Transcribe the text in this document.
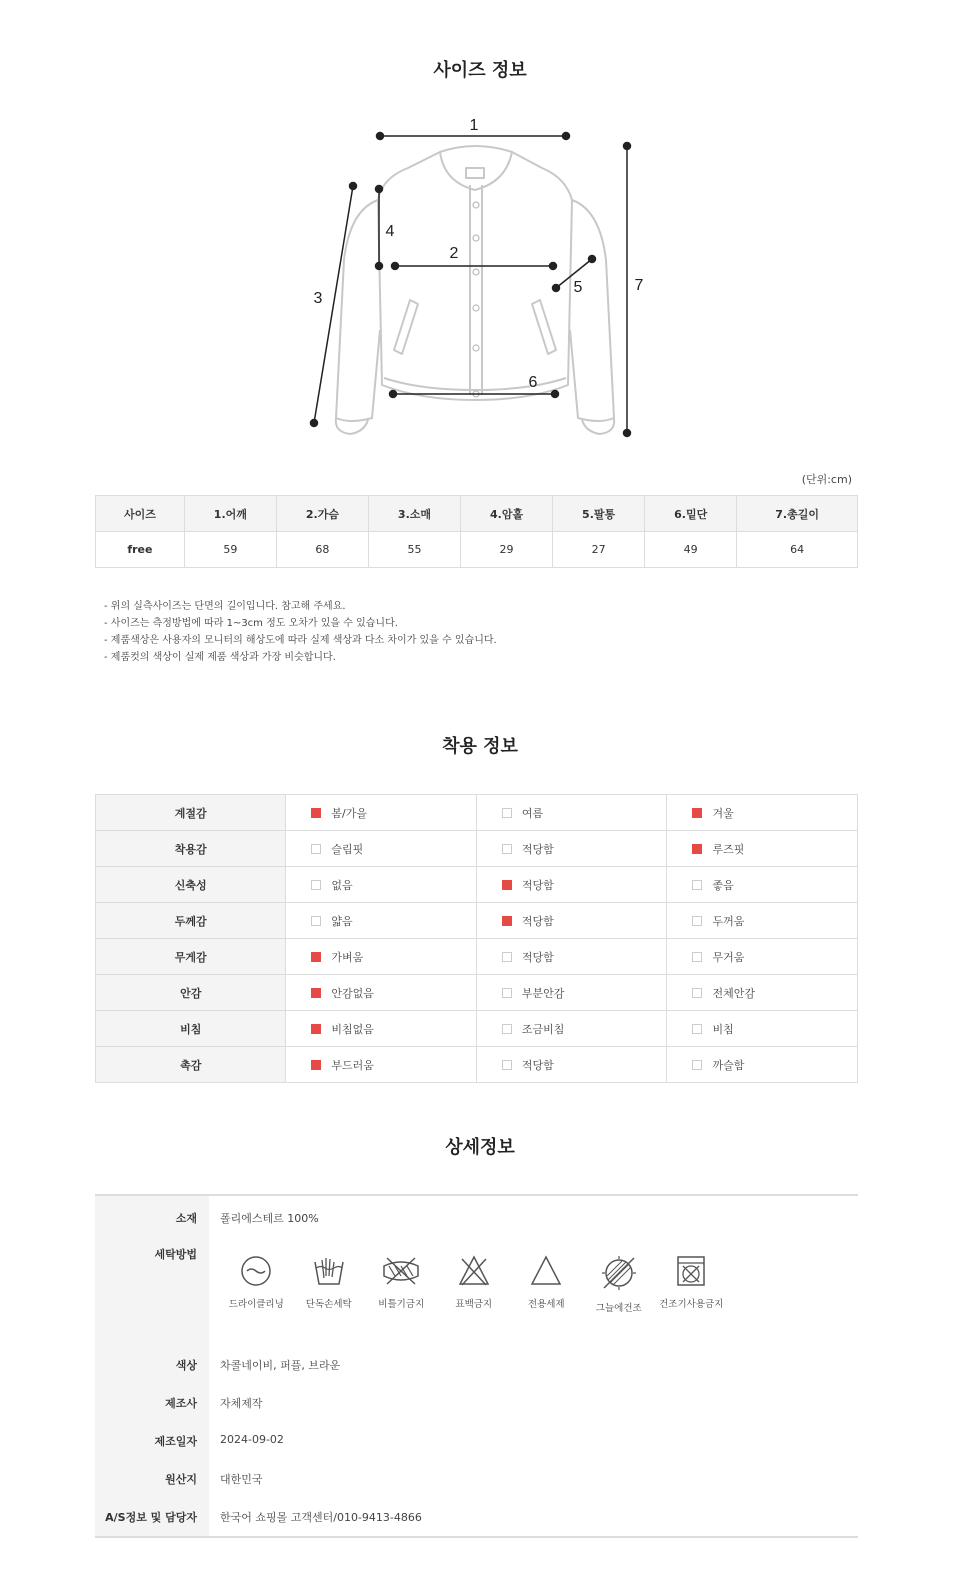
사이즈 정보
1
2
3
4
5
6
7
(단위:cm)
사이즈	1.어깨	2.가슴	3.소매	4.암홀	5.팔통	6.밑단	7.총길이
free	59	68	55	29	27	49	64
- 위의 실측사이즈는 단면의 길이입니다. 참고해 주세요.
- 사이즈는 측정방법에 따라 1~3cm 정도 오차가 있을 수 있습니다.
- 제품색상은 사용자의 모니터의 해상도에 따라 실제 색상과 다소 차이가 있을 수 있습니다.
- 제품컷의 색상이 실제 제품 색상과 가장 비슷합니다.
착용 정보
계절감	봄/가을	여름	겨울
착용감	슬림핏	적당함	루즈핏
신축성	없음	적당함	좋음
두께감	얇음	적당함	두꺼움
무게감	가벼움	적당함	무거움
안감	안감없음	부분안감	전체안감
비침	비침없음	조금비침	비침
촉감	부드러움	적당함	까슬함
상세정보
소재 폴리에스테르 100%
세탁방법
드라이클리닝	단독손세탁	비틀기금지	표백금지	전용세제	그늘에건조	건조기사용금지
색상 차콜네이비, 퍼플, 브라운
제조사 자체제작
제조일자 2024-09-02
원산지 대한민국
A/S정보 및 담당자 한국어 쇼핑몰 고객센터/010-9413-4866
